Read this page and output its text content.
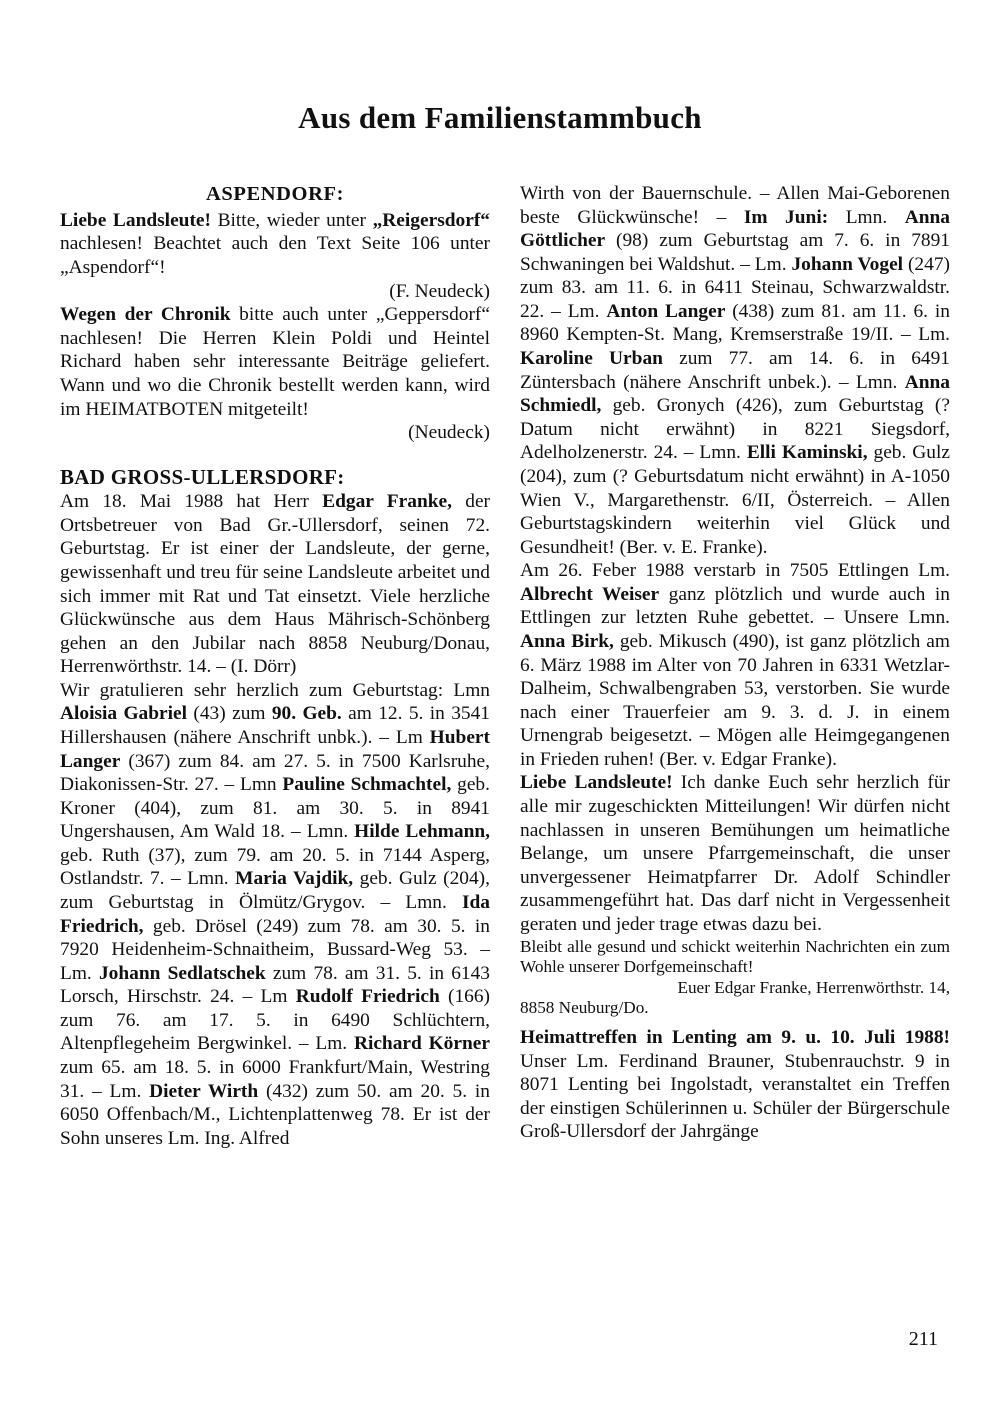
Aus dem Familienstammbuch

ASPENDORF:

Liebe Landsleute! Bitte, wieder unter „Reigersdorf“ nachlesen! Beachtet auch den Text Seite 106 unter „Aspendorf“!

(F. Neudeck)

Wegen der Chronik bitte auch unter „Geppersdorf“ nachlesen! Die Herren Klein Poldi und Heintel Richard haben sehr interessante Beiträge geliefert. Wann und wo die Chronik bestellt werden kann, wird im HEIMATBOTEN mitgeteilt!

(Neudeck)

BAD GROSS-ULLERSDORF:

Am 18. Mai 1988 hat Herr Edgar Franke, der Ortsbetreuer von Bad Gr.-Ullersdorf, seinen 72. Geburtstag. Er ist einer der Landsleute, der gerne, gewissenhaft und treu für seine Landsleute arbeitet und sich immer mit Rat und Tat einsetzt. Viele herzliche Glückwünsche aus dem Haus Mährisch-Schönberg gehen an den Jubilar nach 8858 Neuburg/Donau, Herrenwörthstr. 14. – (I. Dörr)

Wir gratulieren sehr herzlich zum Geburtstag: Lmn Aloisia Gabriel (43) zum 90. Geb. am 12. 5. in 3541 Hillershausen (nähere Anschrift unbk.). – Lm Hubert Langer (367) zum 84. am 27. 5. in 7500 Karlsruhe, Diakonissen-Str. 27. – Lmn Pauline Schmachtel, geb. Kroner (404), zum 81. am 30. 5. in 8941 Ungershausen, Am Wald 18. – Lmn. Hilde Lehmann, geb. Ruth (37), zum 79. am 20. 5. in 7144 Asperg, Ostlandstr. 7. – Lmn. Maria Vajdik, geb. Gulz (204), zum Geburtstag in Ölmütz/Grygov. – Lmn. Ida Friedrich, geb. Drösel (249) zum 78. am 30. 5. in 7920 Heidenheim-Schnaitheim, Bussard-Weg 53. – Lm. Johann Sedlatschek zum 78. am 31. 5. in 6143 Lorsch, Hirschstr. 24. – Lm Rudolf Friedrich (166) zum 76. am 17. 5. in 6490 Schlüchtern, Altenpflegeheim Bergwinkel. – Lm. Richard Körner zum 65. am 18. 5. in 6000 Frankfurt/Main, Westring 31. – Lm. Dieter Wirth (432) zum 50. am 20. 5. in 6050 Offenbach/M., Lichtenplattenweg 78. Er ist der Sohn unseres Lm. Ing. Alfred

Wirth von der Bauernschule. – Allen Mai-Geborenen beste Glückwünsche! – Im Juni: Lmn. Anna Göttlicher (98) zum Geburtstag am 7. 6. in 7891 Schwaningen bei Waldshut. – Lm. Johann Vogel (247) zum 83. am 11. 6. in 6411 Steinau, Schwarzwaldstr. 22. – Lm. Anton Langer (438) zum 81. am 11. 6. in 8960 Kempten-St. Mang, Kremserstraße 19/II. – Lm. Karoline Urban zum 77. am 14. 6. in 6491 Züntersbach (nähere Anschrift unbek.). – Lmn. Anna Schmiedl, geb. Gronych (426), zum Geburtstag (? Datum nicht erwähnt) in 8221 Siegsdorf, Adelholzenerstr. 24. – Lmn. Elli Kaminski, geb. Gulz (204), zum (? Geburtsdatum nicht erwähnt) in A-1050 Wien V., Margarethenstr. 6/II, Österreich. – Allen Geburtstagskindern weiterhin viel Glück und Gesundheit! (Ber. v. E. Franke).

Am 26. Feber 1988 verstarb in 7505 Ettlingen Lm. Albrecht Weiser ganz plötzlich und wurde auch in Ettlingen zur letzten Ruhe gebettet. – Unsere Lmn. Anna Birk, geb. Mikusch (490), ist ganz plötzlich am 6. März 1988 im Alter von 70 Jahren in 6331 Wetzlar-Dalheim, Schwalbengraben 53, verstorben. Sie wurde nach einer Trauerfeier am 9. 3. d. J. in einem Urnengrab beigesetzt. – Mögen alle Heimgegangenen in Frieden ruhen! (Ber. v. Edgar Franke).

Liebe Landsleute! Ich danke Euch sehr herzlich für alle mir zugeschickten Mitteilungen! Wir dürfen nicht nachlassen in unseren Bemühungen um heimatliche Belange, um unsere Pfarrgemeinschaft, die unser unvergessener Heimatpfarrer Dr. Adolf Schindler zusammengeführt hat. Das darf nicht in Vergessenheit geraten und jeder trage etwas dazu bei.

Bleibt alle gesund und schickt weiterhin Nachrichten ein zum Wohle unserer Dorfgemeinschaft!

Euer Edgar Franke, Herrenwörthstr. 14,
8858 Neuburg/Do.

Heimattreffen in Lenting am 9. u. 10. Juli 1988! Unser Lm. Ferdinand Brauner, Stubenrauchstr. 9 in 8071 Lenting bei Ingolstadt, veranstaltet ein Treffen der einstigen Schülerinnen u. Schüler der Bürgerschule Groß-Ullersdorf der Jahrgänge

211
